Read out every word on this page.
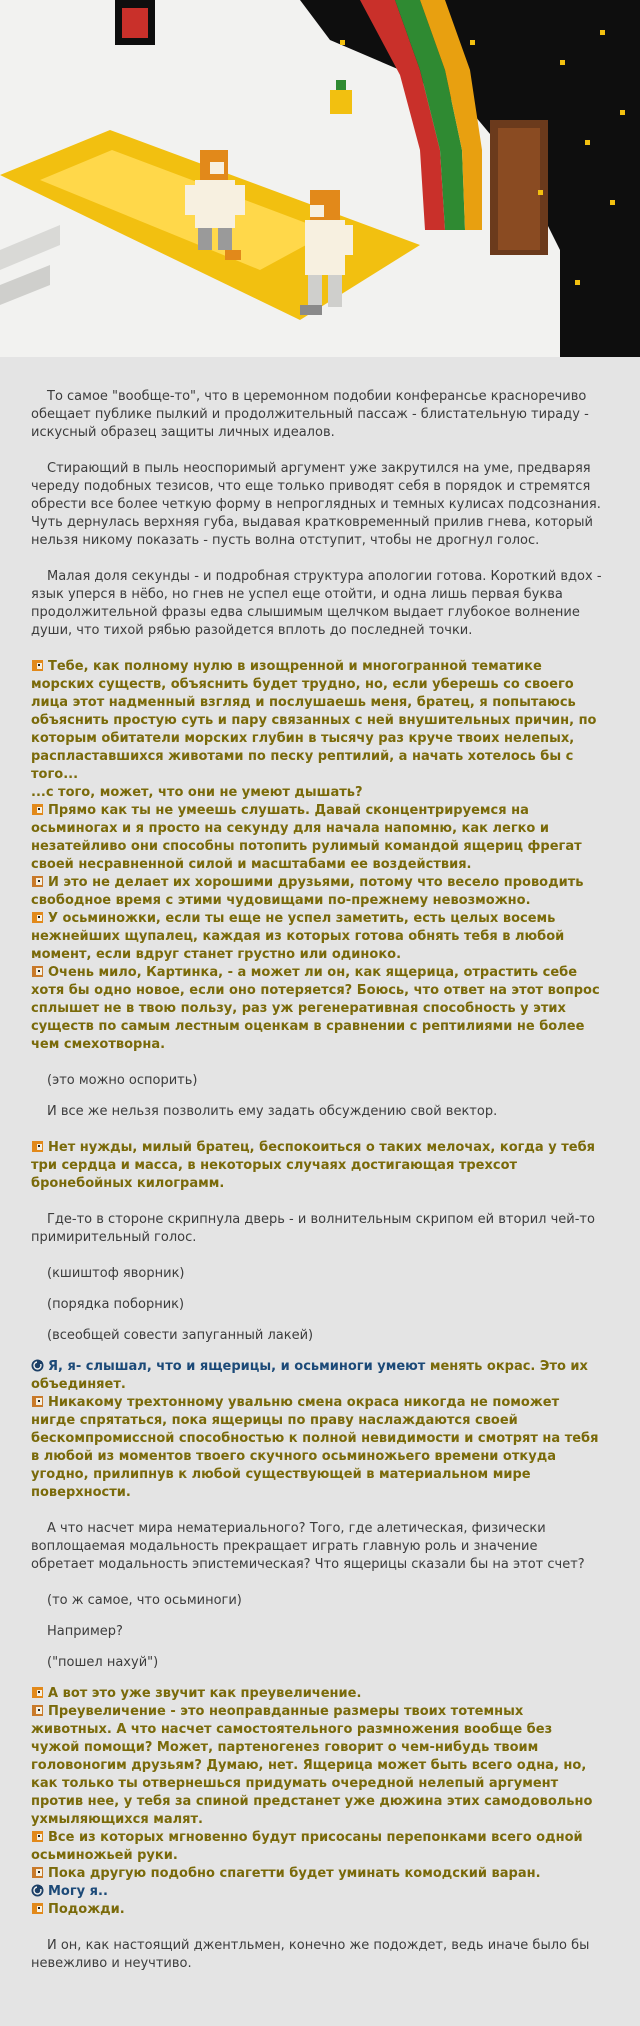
То самое "вообще-то", что в церемонном подобии конферансье красноречиво обещает публике пылкий и продолжительный пассаж - блистательную тираду - искусный образец защиты личных идеалов.

Стирающий в пыль неоспоримый аргумент уже закрутился на уме, предваряя череду подобных тезисов, что еще только приводят себя в порядок и стремятся обрести все более четкую форму в непроглядных и темных кулисах подсознания. Чуть дернулась верхняя губа, выдавая кратковременный прилив гнева, который нельзя никому показать - пусть волна отступит, чтобы не дрогнул голос.

Малая доля секунды - и подробная структура апологии готова. Короткий вдох - язык уперся в нёбо, но гнев не успел еще отойти, и одна лишь первая буква продолжительной фразы едва слышимым щелчком выдает глубокое волнение души, что тихой рябью разойдется вплоть до последней точки.

Тебе, как полному нулю в изощренной и многогранной тематике морских существ, объяснить будет трудно, но, если уберешь со своего лица этот надменный взгляд и послушаешь меня, братец, я попытаюсь объяснить простую суть и пару связанных с ней внушительных причин, по которым обитатели морских глубин в тысячу раз круче твоих нелепых, распластавшихся животами по песку рептилий, а начать хотелось бы с того...

...с того, может, что они не умеют дышать?

Прямо как ты не умеешь слушать. Давай сконцентрируемся на осьминогах и я просто на секунду для начала напомню, как легко и незатейливо они способны потопить рулимый командой ящериц фрегат своей несравненной силой и масштабами ее воздействия.

И это не делает их хорошими друзьями, потому что весело проводить свободное время с этими чудовищами по-прежнему невозможно.

У осьминожки, если ты еще не успел заметить, есть целых восемь нежнейших щупалец, каждая из которых готова обнять тебя в любой момент, если вдруг станет грустно или одиноко.

Очень мило, Картинка, - а может ли он, как ящерица, отрастить себе хотя бы одно новое, если оно потеряется? Боюсь, что ответ на этот вопрос сплышет не в твою пользу, раз уж регенеративная способность у этих существ по самым лестным оценкам в сравнении с рептилиями не более чем смехотворна.

(это можно оспорить)

И все же нельзя позволить ему задать обсуждению свой вектор.

Нет нужды, милый братец, беспокоиться о таких мелочах, когда у тебя три сердца и масса, в некоторых случаях достигающая трехсот бронебойных килограмм.

Где-то в стороне скрипнула дверь - и волнительным скрипом ей вторил чей-то примирительный голос.

(кшиштоф яворник)

(порядка поборник)

(всеобщей совести запуганный лакей)

Я, я- слышал, что и ящерицы, и осьминоги умеют менять окрас. Это их объединяет.

Никакому трехтонному увальню смена окраса никогда не поможет нигде спрятаться, пока ящерицы по праву наслаждаются своей бескомпромиссной способностью к полной невидимости и смотрят на тебя в любой из моментов твоего скучного осьминожьего времени откуда угодно, прилипнув к любой существующей в материальном мире поверхности.

А что насчет мира нематериального? Того, где алетическая, физически воплощаемая модальность прекращает играть главную роль и значение обретает модальность эпистемическая? Что ящерицы сказали бы на этот счет?

(то ж самое, что осьминоги)

Например?

("пошел нахуй")

А вот это уже звучит как преувеличение.

Преувеличение - это неоправданные размеры твоих тотемных животных. А что насчет самостоятельного размножения вообще без чужой помощи? Может, партеногенез говорит о чем-нибудь твоим головоногим друзьям? Думаю, нет. Ящерица может быть всего одна, но, как только ты отвернешься придумать очередной нелепый аргумент против нее, у тебя за спиной предстанет уже дюжина этих самодовольно ухмыляющихся малят.

Все из которых мгновенно будут присосаны перепонками всего одной осьминожьей руки.

Пока другую подобно спагетти будет уминать комодский варан.

Могу я..

Подожди.

И он, как настоящий джентльмен, конечно же подождет, ведь иначе было бы невежливо и неучтиво.
